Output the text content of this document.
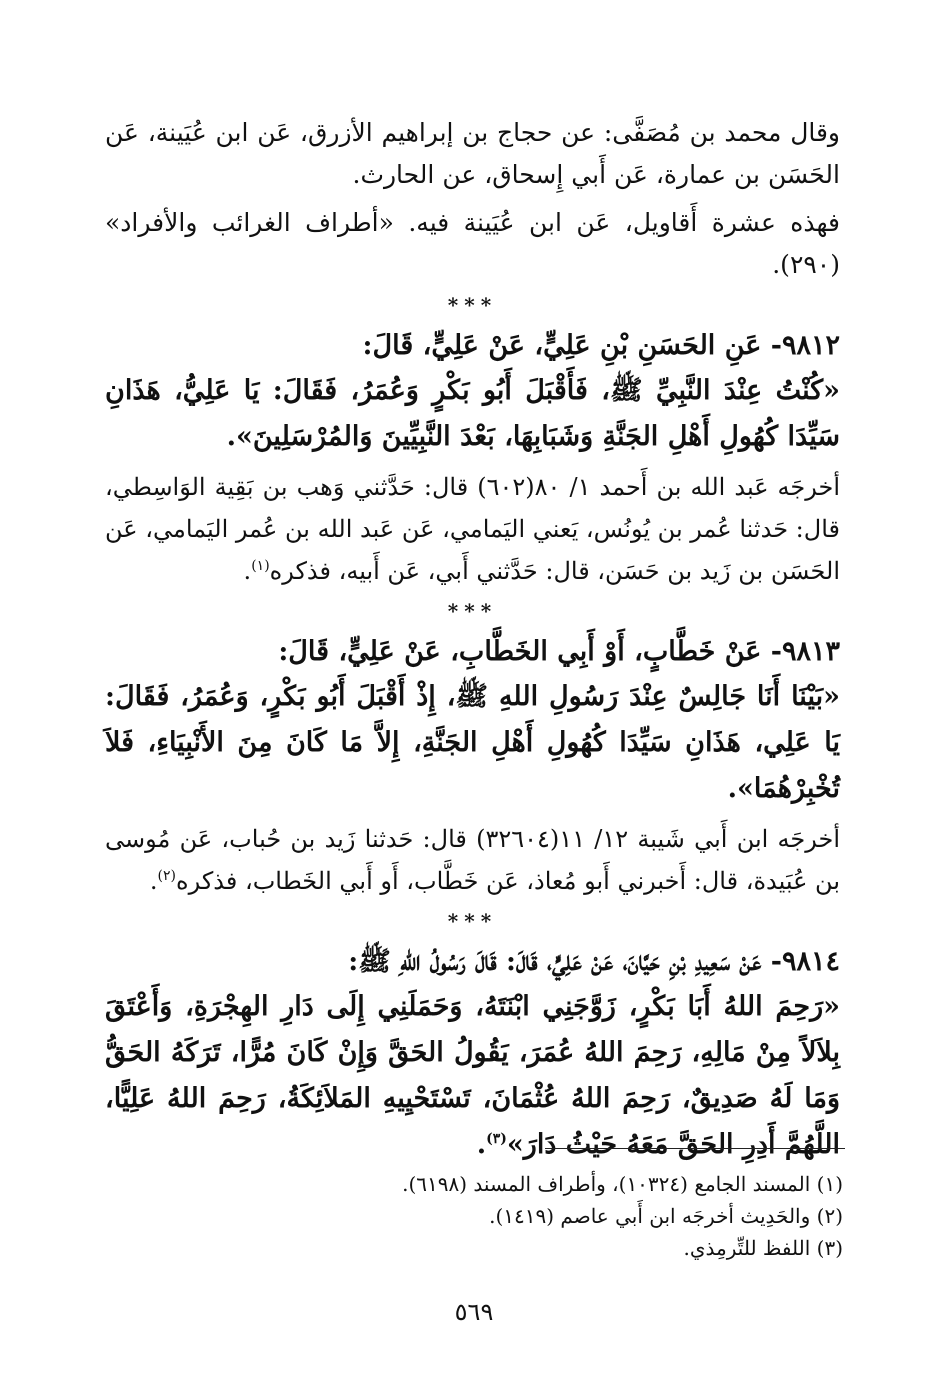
وقال محمد بن مُصَفَّى: عن حجاج بن إبراهيم الأزرق، عَن ابن عُيَينة، عَن الحَسَن بن عمارة، عَن أَبي إِسحاق، عن الحارث.

فهذه عشرة أَقاويل، عَن ابن عُيَينة فيه. «أطراف الغرائب والأفراد» (٢٩٠).

***

٩٨١٢- عَنِ الحَسَنِ بْنِ عَلِيٍّ، عَنْ عَلِيٍّ، قَالَ:

«كُنْتُ عِنْدَ النَّبِيِّ ﷺ، فَأَقْبَلَ أَبُو بَكْرٍ وَعُمَرُ، فَقَالَ: يَا عَلِيُّ، هَذَانِ سَيِّدَا كُهُولِ أَهْلِ الجَنَّةِ وَشَبَابِهَا، بَعْدَ النَّبِيِّينَ وَالمُرْسَلِينَ».

أخرجَه عَبد الله بن أَحمد ١/ ٨٠(٦٠٢) قال: حَدَّثني وَهب بن بَقِية الوَاسِطي، قال: حَدثنا عُمر بن يُونُس، يَعني اليَمامي، عَن عَبد الله بن عُمر اليَمامي، عَن الحَسَن بن زَيد بن حَسَن، قال: حَدَّثني أَبي، عَن أَبيه، فذكره$^{(١)}$.

***

٩٨١٣- عَنْ خَطَّابٍ، أَوْ أَبِي الخَطَّابِ، عَنْ عَلِيٍّ، قَالَ:

«بَيْنَا أَنَا جَالِسٌ عِنْدَ رَسُولِ اللهِ ﷺ، إِذْ أَقْبَلَ أَبُو بَكْرٍ، وَعُمَرُ، فَقَالَ: يَا عَلِي، هَذَانِ سَيِّدَا كُهُولِ أَهْلِ الجَنَّةِ، إِلاَّ مَا كَانَ مِنَ الأَنْبِيَاءِ، فَلاَ تُخْبِرْهُمَا».

أخرجَه ابن أَبي شَيبة ١٢/ ١١(٣٢٦٠٤) قال: حَدثنا زَيد بن حُباب، عَن مُوسى بن عُبَيدة، قال: أَخبرني أَبو مُعاذ، عَن خَطَّاب، أَو أَبي الخَطاب، فذكره$^{(٢)}$.

***

٩٨١٤- عَنْ سَعِيدِ بْنِ حَيَّانَ، عَنْ عَلِيٍّ، قَالَ: قَالَ رَسُولُ اللهِ ﷺ:

«رَحِمَ اللهُ أَبَا بَكْرٍ، زَوَّجَنِي ابْنَتَهُ، وَحَمَلَنِي إِلَى دَارِ الهِجْرَةِ، وَأَعْتَقَ بِلاَلاً مِنْ مَالِهِ، رَحِمَ اللهُ عُمَرَ، يَقُولُ الحَقَّ وَإِنْ كَانَ مُرًّا، تَرَكَهُ الحَقُّ وَمَا لَهُ صَدِيقٌ، رَحِمَ اللهُ عُثْمَانَ، تَسْتَحْيِيهِ المَلاَئِكَةُ، رَحِمَ اللهُ عَلِيًّا، اللَّهُمَّ أَدِرِ الحَقَّ مَعَهُ حَيْثُ دَارَ»$^{(٣)}$.

(١) المسند الجامع (١٠٣٢٤)، وأطراف المسند (٦١٩٨).
(٢) والحَدِيث أخرجَه ابن أَبي عاصم (١٤١٩).
(٣) اللفظ للتِّرمِذي.
٥٦٩
